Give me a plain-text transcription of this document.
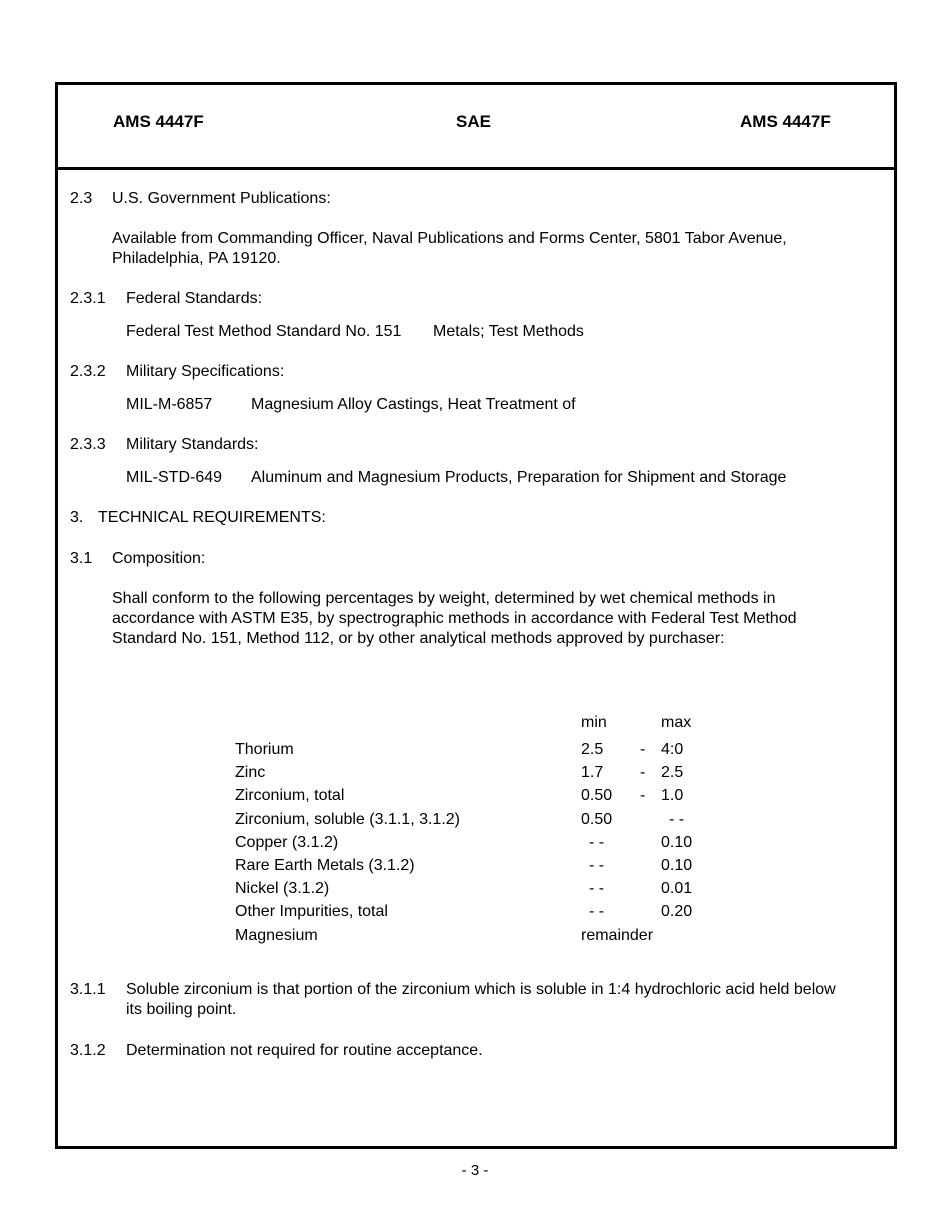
AMS 4447F	SAE	AMS 4447F
2.3 U.S. Government Publications:
Available from Commanding Officer, Naval Publications and Forms Center, 5801 Tabor Avenue, Philadelphia, PA 19120.
2.3.1 Federal Standards:
Federal Test Method Standard No. 151 Metals; Test Methods
2.3.2 Military Specifications:
MIL-M-6857 Magnesium Alloy Castings, Heat Treatment of
2.3.3 Military Standards:
MIL-STD-649 Aluminum and Magnesium Products, Preparation for Shipment and Storage
3. TECHNICAL REQUIREMENTS:
3.1 Composition:
Shall conform to the following percentages by weight, determined by wet chemical methods in accordance with ASTM E35, by spectrographic methods in accordance with Federal Test Method Standard No. 151, Method 112, or by other analytical methods approved by purchaser:
min	max
Thorium	2.5 - 4:0
Zinc	1.7 - 2.5
Zirconium, total	0.50 - 1.0
Zirconium, soluble (3.1.1, 3.1.2)	0.50	- -
Copper (3.1.2)	- -	0.10
Rare Earth Metals (3.1.2)	- -	0.10
Nickel (3.1.2)	- -	0.01
Other Impurities, total	- -	0.20
Magnesium	remainder
3.1.1 Soluble zirconium is that portion of the zirconium which is soluble in 1:4 hydrochloric acid held below its boiling point.
3.1.2 Determination not required for routine acceptance.
- 3 -
